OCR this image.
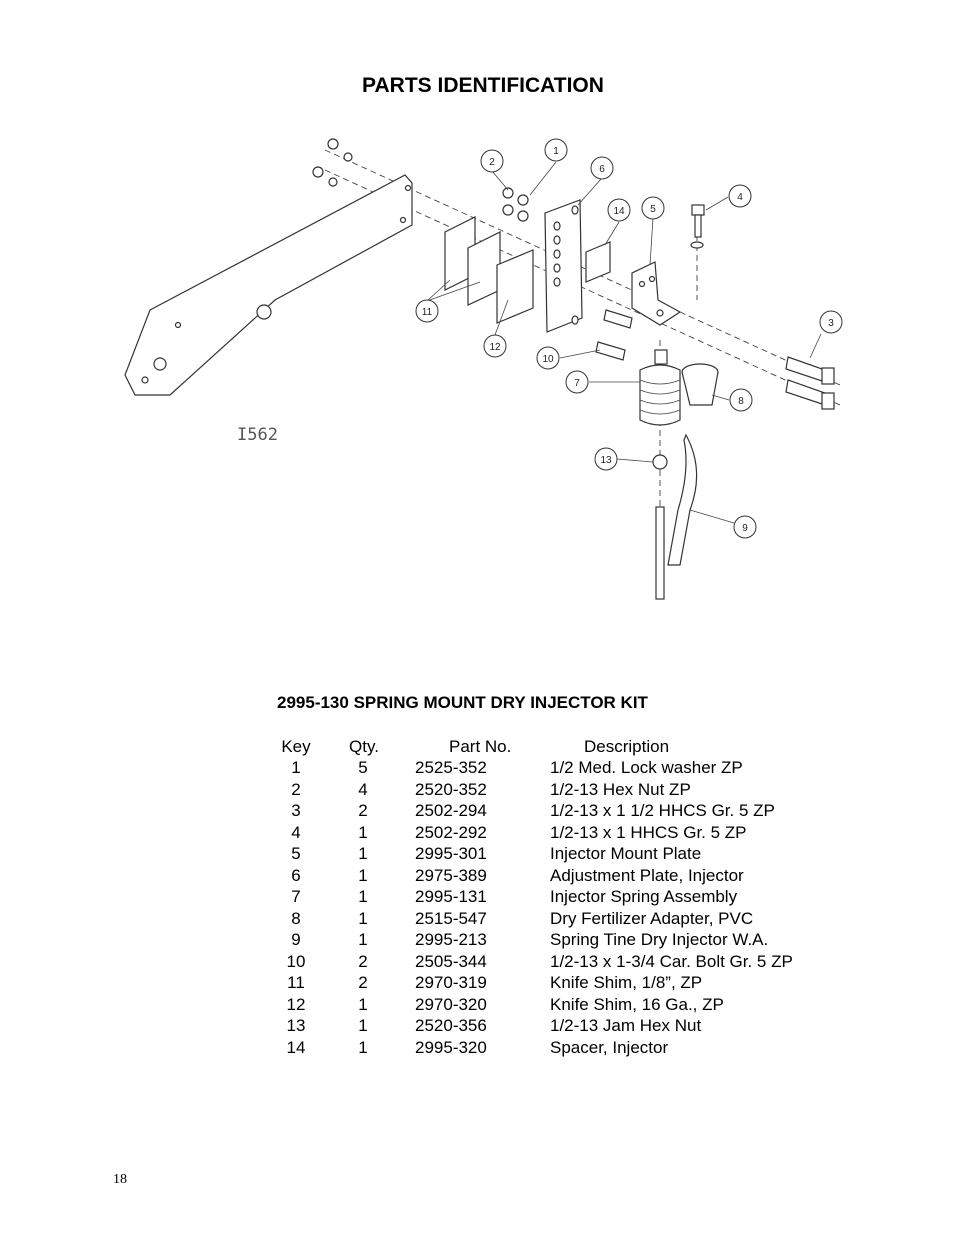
PARTS IDENTIFICATION
I562
1
2
3
4
5
6
7
8
9
10
11
12
13
14
2995-130 SPRING MOUNT DRY INJECTOR KIT
Key Qty.	Part No.	Description
1	5	2525-352	1/2 Med. Lock washer ZP
2	4	2520-352	1/2-13 Hex Nut ZP
3	2	2502-294	1/2-13 x 1 1/2 HHCS Gr. 5 ZP
4	1	2502-292	1/2-13 x 1 HHCS Gr. 5 ZP
5	1	2995-301	Injector Mount Plate
6	1	2975-389	Adjustment Plate, Injector
7	1	2995-131	Injector Spring Assembly
8	1	2515-547	Dry Fertilizer Adapter, PVC
9	1	2995-213	Spring Tine Dry Injector W.A.
10	2	2505-344	1/2-13 x 1-3/4 Car. Bolt Gr. 5 ZP
11	2	2970-319	Knife Shim, 1/8”, ZP
12	1	2970-320	Knife Shim, 16 Ga., ZP
13	1	2520-356	1/2-13 Jam Hex Nut
14	1	2995-320	Spacer, Injector
18
